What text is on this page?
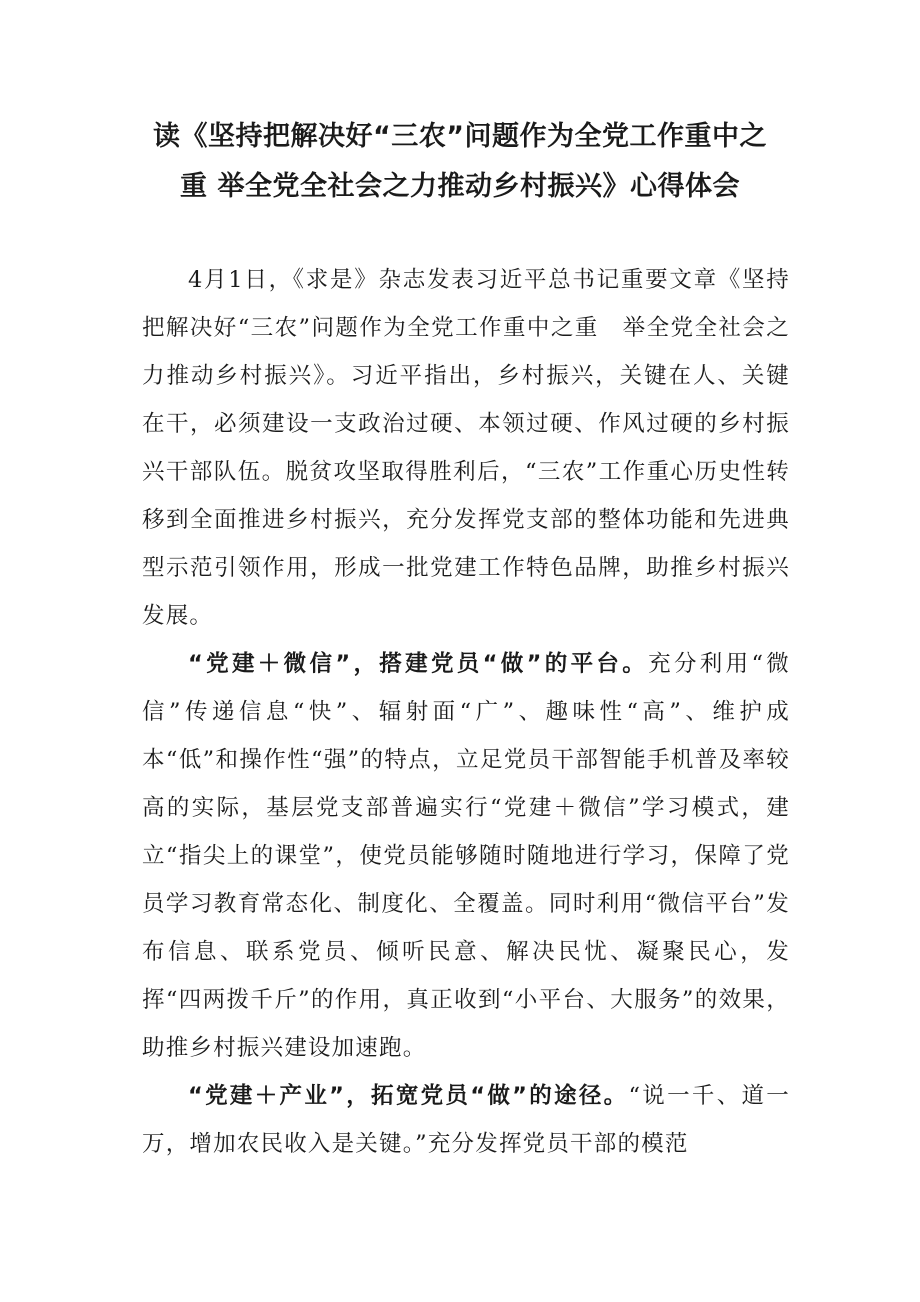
读《坚持把解决好“三农”问题作为全党工作重中之
重 举全党全社会之力推动乡村振兴》心得体会

4月1日，《求是》杂志发表习近平总书记重要文章《坚持把解决好“三农”问题作为全党工作重中之重　举全党全社会之力推动乡村振兴》。习近平指出，乡村振兴，关键在人、关键在干，必须建设一支政治过硬、本领过硬、作风过硬的乡村振兴干部队伍。脱贫攻坚取得胜利后，“三农”工作重心历史性转移到全面推进乡村振兴，充分发挥党支部的整体功能和先进典型示范引领作用，形成一批党建工作特色品牌，助推乡村振兴发展。

“党建＋微信”，搭建党员“做”的平台。充分利用“微信”传递信息“快”、辐射面“广”、趣味性“高”、维护成本“低”和操作性“强”的特点，立足党员干部智能手机普及率较高的实际，基层党支部普遍实行“党建＋微信”学习模式，建立“指尖上的课堂”，使党员能够随时随地进行学习，保障了党员学习教育常态化、制度化、全覆盖。同时利用“微信平台”发布信息、联系党员、倾听民意、解决民忧、凝聚民心，发挥“四两拨千斤”的作用，真正收到“小平台、大服务”的效果，助推乡村振兴建设加速跑。

“党建＋产业”，拓宽党员“做”的途径。“说一千、道一万，增加农民收入是关键。”充分发挥党员干部的模范
